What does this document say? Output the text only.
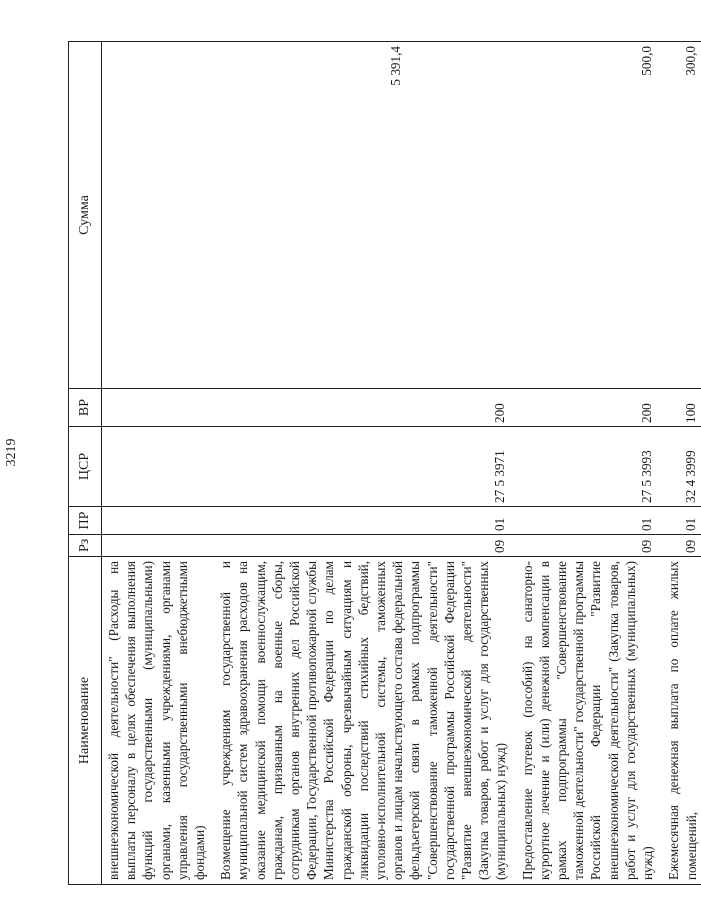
3219
Наименование	Рз	ПР	ЦСР	ВР	Сумма
внешнеэкономической деятельности" (Расходы на выплаты персоналу в целях обеспечения выполнения функций государственными (муниципальными) органами, казенными учреждениями, органами управления государственными внебюджетными фондами)					
Возмещение учреждениям государственной и муниципальной систем здравоохранения расходов на оказание медицинской помощи военнослужащим, гражданам, призванным на военные сборы, сотрудникам органов внутренних дел Российской Федерации, Государственной противопожарной службы Министерства Российской Федерации по делам гражданской обороны, чрезвычайным ситуациям и ликвидации последствий стихийных бедствий, уголовно-исполнительной системы, таможенных органов и лицам начальствующего состава федеральной фельдъегерской связи в рамках подпрограммы "Совершенствование таможенной деятельности" государственной программы Российской Федерации "Развитие внешнеэкономической деятельности" (Закупка товаров, работ и услуг для государственных (муниципальных) нужд)	09	01	27 5 3971	200	5 391,4
Предоставление путевок (пособий) на санаторно-курортное лечение и (или) денежной компенсации в рамках подпрограммы "Совершенствование таможенной деятельности" государственной программы Российской Федерации "Развитие внешнеэкономической деятельности" (Закупка товаров, работ и услуг для государственных (муниципальных) нужд)	09	01	27 5 3993	200	500,0
Ежемесячная денежная выплата по оплате жилых помещений,	09	01	32 4 3999	100	300,0
